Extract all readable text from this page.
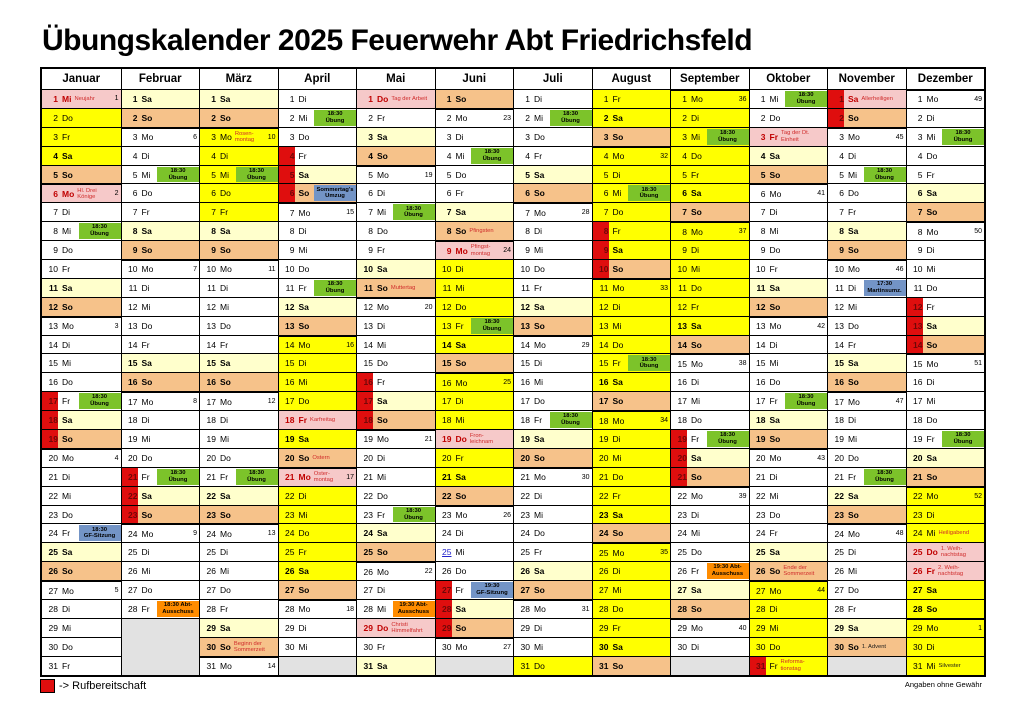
Übungskalender 2025 Feuerwehr Abt Friedrichsfeld
Januar
1 Mi Neujahr	1
2 Do
3 Fr
4 Sa
5 So
6 Mo Hl. Drei Könige	2
7 Di
8 Mi	18:30
Übung
9 Do
10 Fr
11 Sa
12 So
13 Mo	3
14 Di
15 Mi
16 Do
17 Fr	18:30
Übung
18 Sa
19 So
20 Mo	4
21 Di
22 Mi
23 Do
24 Fr	18:30
GF-Sitzung
25 Sa
26 So
27 Mo	5
28 Di
29 Mi
30 Do
31 Fr
Februar
1 Sa
2 So
3 Mo	6
4 Di
5 Mi	18:30
Übung
6 Do
7 Fr
8 Sa
9 So
10 Mo	7
11 Di
12 Mi
13 Do
14 Fr
15 Sa
16 So
17 Mo	8
18 Di
19 Mi
20 Do
21 Fr	18:30
Übung
22 Sa
23 So
24 Mo	9
25 Di
26 Mi
27 Do
28 Fr 18:30 Abt-
Ausschuss
März
1 Sa
2 So
3 Mo Rosen-montag	10
4 Di
5 Mi	18:30
Übung
6 Do
7 Fr
8 Sa
9 So
10 Mo	11
11 Di
12 Mi
13 Do
14 Fr
15 Sa
16 So
17 Mo	12
18 Di
19 Mi
20 Do
21 Fr	18:30
Übung
22 Sa
23 So
24 Mo	13
25 Di
26 Mi
27 Do
28 Fr
29 Sa
30 So Beginn der Sommerzeit
31 Mo	14
April
1 Di
2 Mi	18:30
Übung
3 Do
4 Fr
5 Sa
6 So Sommertag's
Umzug
7 Mo	15
8 Di
9 Mi
10 Do
11 Fr	18:30
Übung
12 Sa
13 So
14 Mo	16
15 Di
16 Mi
17 Do
18 Fr Karfreitag
19 Sa
20 So Ostern
21 Mo Oster-montag	17
22 Di
23 Mi
24 Do
25 Fr
26 Sa
27 So
28 Mo	18
29 Di
30 Mi
Mai
1 Do Tag der Arbeit
2 Fr
3 Sa
4 So
5 Mo	19
6 Di
7 Mi	18:30
Übung
8 Do
9 Fr
10 Sa
11 So Muttertag
12 Mo	20
13 Di
14 Mi
15 Do
16 Fr
17 Sa
18 So
19 Mo	21
20 Di
21 Mi
22 Do
23 Fr	18:30
Übung
24 Sa
25 So
26 Mo	22
27 Di
28 Mi 19:30 Abt-
Ausschuss
29 Do Christi Himmelfahrt
30 Fr
31 Sa
Juni
1 So
2 Mo	23
3 Di
4 Mi	18:30
Übung
5 Do
6 Fr
7 Sa
8 So Pfingsten
9 Mo Pfingst-montag	24
10 Di
11 Mi
12 Do
13 Fr	18:30
Übung
14 Sa
15 So
16 Mo	25
17 Di
18 Mi
19 Do Fron-leichnam
20 Fr
21 Sa
22 So
23 Mo	26
24 Di
25 Mi
26 Do
27 Fr	19:30
GF-Sitzung
28 Sa
29 So
30 Mo	27
Juli
1 Di
2 Mi	18:30
Übung
3 Do
4 Fr
5 Sa
6 So
7 Mo	28
8 Di
9 Mi
10 Do
11 Fr
12 Sa
13 So
14 Mo	29
15 Di
16 Mi
17 Do
18 Fr	18:30
Übung
19 Sa
20 So
21 Mo	30
22 Di
23 Mi
24 Do
25 Fr
26 Sa
27 So
28 Mo	31
29 Di
30 Mi
31 Do
August
1 Fr
2 Sa
3 So
4 Mo	32
5 Di
6 Mi	18:30
Übung
7 Do
8 Fr
9 Sa
10 So
11 Mo	33
12 Di
13 Mi
14 Do
15 Fr	18:30
Übung
16 Sa
17 So
18 Mo	34
19 Di
20 Mi
21 Do
22 Fr
23 Sa
24 So
25 Mo	35
26 Di
27 Mi
28 Do
29 Fr
30 Sa
31 So
September
1 Mo	36
2 Di
3 Mi	18:30
Übung
4 Do
5 Fr
6 Sa
7 So
8 Mo	37
9 Di
10 Mi
11 Do
12 Fr
13 Sa
14 So
15 Mo	38
16 Di
17 Mi
18 Do
19 Fr	18:30
Übung
20 Sa
21 So
22 Mo	39
23 Di
24 Mi
25 Do
26 Fr 19:30 Abt-
Ausschuss
27 Sa
28 So
29 Mo	40
30 Di
Oktober
1 Mi	18:30
Übung
2 Do
3 Fr Tag der Dt. Einheit
4 Sa
5 So
6 Mo	41
7 Di
8 Mi
9 Do
10 Fr
11 Sa
12 So
13 Mo	42
14 Di
15 Mi
16 Do
17 Fr	18:30
Übung
18 Sa
19 So
20 Mo	43
21 Di
22 Mi
23 Do
24 Fr
25 Sa
26 So Ende der Sommerzeit
27 Mo	44
28 Di
29 Mi
30 Do
31 Fr Reforma-tionstag
November
1 Sa Allerheiligen
2 So
3 Mo	45
4 Di
5 Mi	18:30
Übung
6 Do
7 Fr
8 Sa
9 So
10 Mo	46
11 Di	17:30
Martinsumz.
12 Mi
13 Do
14 Fr
15 Sa
16 So
17 Mo	47
18 Di
19 Mi
20 Do
21 Fr	18:30
Übung
22 Sa
23 So
24 Mo	48
25 Di
26 Mi
27 Do
28 Fr
29 Sa
30 So 1. Advent
Dezember
1 Mo	49
2 Di
3 Mi	18:30
Übung
4 Do
5 Fr
6 Sa
7 So
8 Mo	50
9 Di
10 Mi
11 Do
12 Fr
13 Sa
14 So
15 Mo	51
16 Di
17 Mi
18 Do
19 Fr	18:30
Übung
20 Sa
21 So
22 Mo	52
23 Di
24 Mi Heiligabend
25 Do 1. Weih-nachtstag
26 Fr 2. Weih-nachtstag
27 Sa
28 So
29 Mo	1
30 Di
31 Mi Silvester
-> Rufbereitschaft	Angaben ohne Gewähr
